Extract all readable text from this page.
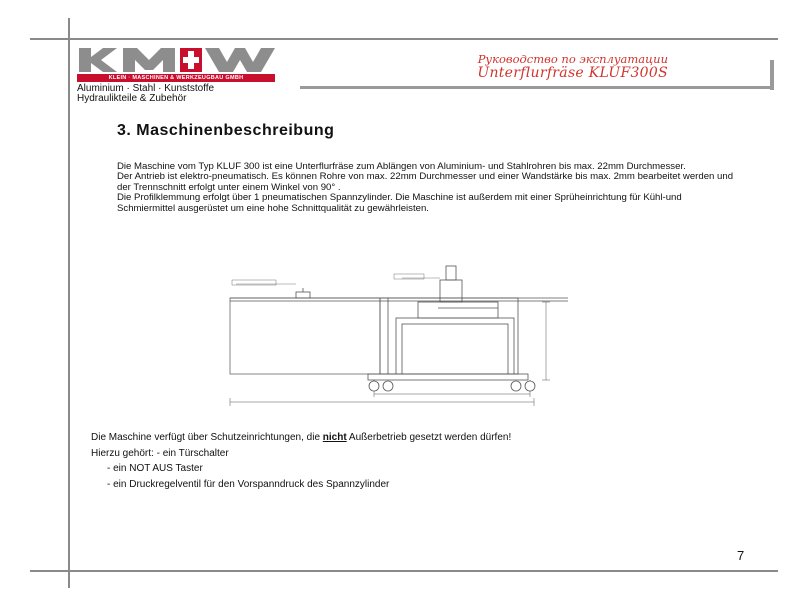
KLEIN · MASCHINEN & WERKZEUGBAU GMBH
Aluminium · Stahl · Kunststoffe
Hydraulikteile & Zubehör
Руководство по эксплуатации
Unterflurfräse KLUF300S
3. Maschinenbeschreibung

Die Maschine vom Typ KLUF 300 ist eine Unterflurfräse zum Ablängen von Aluminium- und Stahlrohren bis max. 22mm Durchmesser.

Der Antrieb ist elektro-pneumatisch. Es können Rohre von max. 22mm Durchmesser und einer Wandstärke bis max. 2mm bearbeitet werden und der Trennschnitt erfolgt unter einem Winkel von 90° .

Die Profilklemmung erfolgt über 1 pneumatischen Spannzylinder. Die Maschine ist außerdem mit einer Sprüheinrichtung für Kühl-und Schmiermittel ausgerüstet um eine hohe Schnittqualität zu gewährleisten.

Die Maschine verfügt über Schutzeinrichtungen, die nicht Außerbetrieb gesetzt werden dürfen!
Hierzu gehört: - ein Türschalter
- ein NOT AUS Taster
- ein Druckregelventil für den Vorspanndruck des Spannzylinder
7
